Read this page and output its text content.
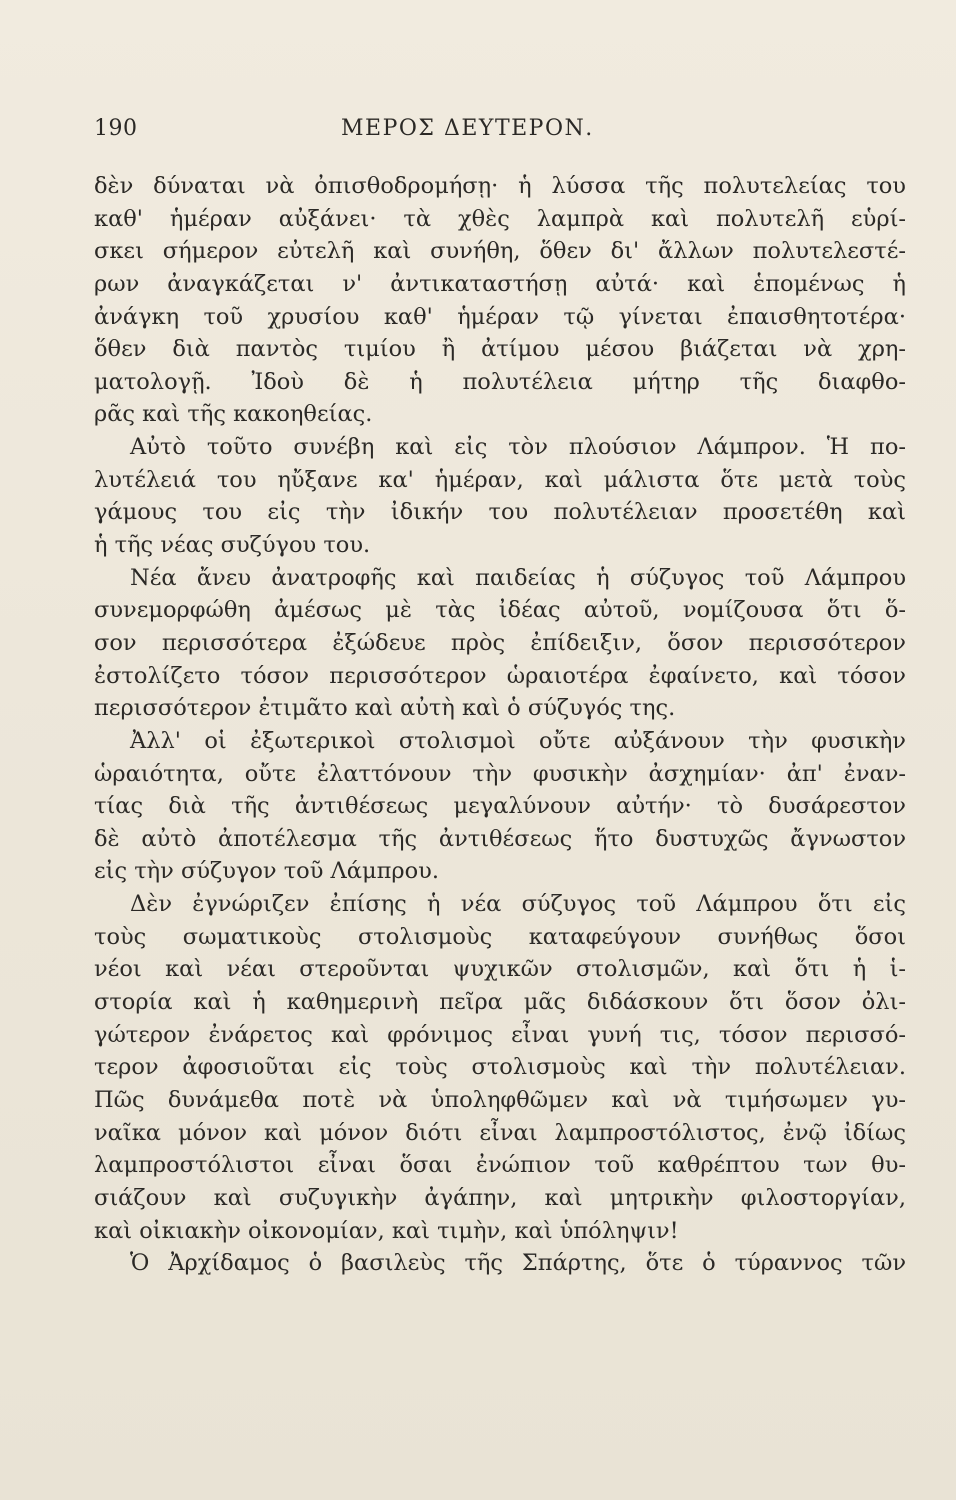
190	ΜΕΡΟΣ ΔΕΥΤΕΡΟΝ.
δὲν δύναται νὰ ὀπισθοδρομήσῃ· ἡ λύσσα τῆς πολυτελείας του
καθ' ἡμέραν αὐξάνει· τὰ χθὲς λαμπρὰ καὶ πολυτελῆ εὑρί-
σκει σήμερον εὐτελῆ καὶ συνήθη, ὅθεν δι' ἄλλων πολυτελεστέ-
ρων ἀναγκάζεται ν' ἀντικαταστήσῃ αὐτά· καὶ ἑπομένως ἡ
ἀνάγκη τοῦ χρυσίου καθ' ἡμέραν τῷ γίνεται ἐπαισθητοτέρα·
ὅθεν διὰ παντὸς τιμίου ἢ ἀτίμου μέσου βιάζεται νὰ χρη-
ματολογῇ. Ἰδοὺ δὲ ἡ πολυτέλεια μήτηρ τῆς διαφθο-
ρᾶς καὶ τῆς κακοηθείας.
Αὐτὸ τοῦτο συνέβη καὶ εἰς τὸν πλούσιον Λάμπρον. Ἡ πο-
λυτέλειά του ηὔξανε κα' ἡμέραν, καὶ μάλιστα ὅτε μετὰ τοὺς
γάμους του εἰς τὴν ἰδικήν του πολυτέλειαν προσετέθη καὶ
ἡ τῆς νέας συζύγου του.
Νέα ἄνευ ἀνατροφῆς καὶ παιδείας ἡ σύζυγος τοῦ Λάμπρου
συνεμορφώθη ἀμέσως μὲ τὰς ἰδέας αὐτοῦ, νομίζουσα ὅτι ὅ-
σον περισσότερα ἐξώδευε πρὸς ἐπίδειξιν, ὅσον περισσότερον
ἐστολίζετο τόσον περισσότερον ὡραιοτέρα ἐφαίνετο, καὶ τόσον
περισσότερον ἐτιμᾶτο καὶ αὐτὴ καὶ ὁ σύζυγός της.
Ἀλλ' οἱ ἐξωτερικοὶ στολισμοὶ οὔτε αὐξάνουν τὴν φυσικὴν
ὡραιότητα, οὔτε ἐλαττόνουν τὴν φυσικὴν ἀσχημίαν· ἀπ' ἐναν-
τίας διὰ τῆς ἀντιθέσεως μεγαλύνουν αὐτήν· τὸ δυσάρεστον
δὲ αὐτὸ ἀποτέλεσμα τῆς ἀντιθέσεως ἥτο δυστυχῶς ἄγνωστον
εἰς τὴν σύζυγον τοῦ Λάμπρου.
Δὲν ἐγνώριζεν ἐπίσης ἡ νέα σύζυγος τοῦ Λάμπρου ὅτι εἰς
τοὺς σωματικοὺς στολισμοὺς καταφεύγουν συνήθως ὅσοι
νέοι καὶ νέαι στεροῦνται ψυχικῶν στολισμῶν, καὶ ὅτι ἡ ἱ-
στορία καὶ ἡ καθημερινὴ πεῖρα μᾶς διδάσκουν ὅτι ὅσον ὀλι-
γώτερον ἐνάρετος καὶ φρόνιμος εἶναι γυνή τις, τόσον περισσό-
τερον ἀφοσιοῦται εἰς τοὺς στολισμοὺς καὶ τὴν πολυτέλειαν.
Πῶς δυνάμεθα ποτὲ νὰ ὑποληφθῶμεν καὶ νὰ τιμήσωμεν γυ-
ναῖκα μόνον καὶ μόνον διότι εἶναι λαμπροστόλιστος, ἐνῷ ἰδίως
λαμπροστόλιστοι εἶναι ὅσαι ἐνώπιον τοῦ καθρέπτου των θυ-
σιάζουν καὶ συζυγικὴν ἀγάπην, καὶ μητρικὴν φιλοστοργίαν,
καὶ οἰκιακὴν οἰκονομίαν, καὶ τιμὴν, καὶ ὑπόληψιν!
Ὁ Ἀρχίδαμος ὁ βασιλεὺς τῆς Σπάρτης, ὅτε ὁ τύραννος τῶν
